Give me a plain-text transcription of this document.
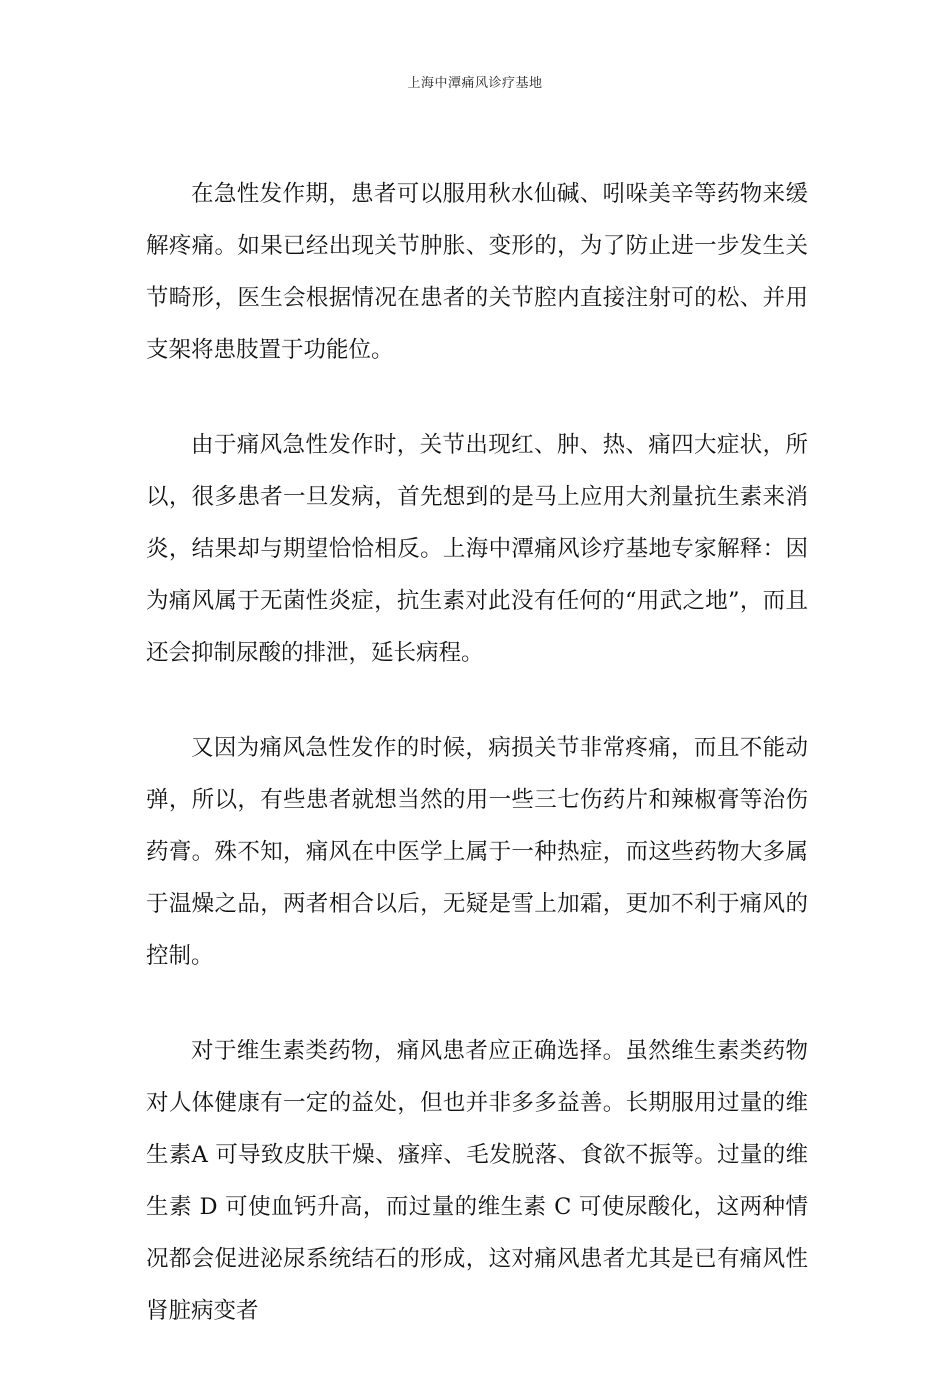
上海中潭痛风诊疗基地

在急性发作期，患者可以服用秋水仙碱、吲哚美辛等药物来缓解疼痛。如果已经出现关节肿胀、变形的，为了防止进一步发生关节畸形，医生会根据情况在患者的关节腔内直接注射可的松、并用支架将患肢置于功能位。

由于痛风急性发作时，关节出现红、肿、热、痛四大症状，所以，很多患者一旦发病，首先想到的是马上应用大剂量抗生素来消炎，结果却与期望恰恰相反。上海中潭痛风诊疗基地专家解释：因为痛风属于无菌性炎症，抗生素对此没有任何的“用武之地”，而且还会抑制尿酸的排泄，延长病程。

又因为痛风急性发作的时候，病损关节非常疼痛，而且不能动弹，所以，有些患者就想当然的用一些三七伤药片和辣椒膏等治伤药膏。殊不知，痛风在中医学上属于一种热症，而这些药物大多属于温燥之品，两者相合以后，无疑是雪上加霜，更加不利于痛风的控制。

对于维生素类药物，痛风患者应正确选择。虽然维生素类药物对人体健康有一定的益处，但也并非多多益善。长期服用过量的维生素A 可导致皮肤干燥、瘙痒、毛发脱落、食欲不振等。过量的维生素 D 可使血钙升高，而过量的维生素 C 可使尿酸化，这两种情况都会促进泌尿系统结石的形成，这对痛风患者尤其是已有痛风性肾脏病变者
